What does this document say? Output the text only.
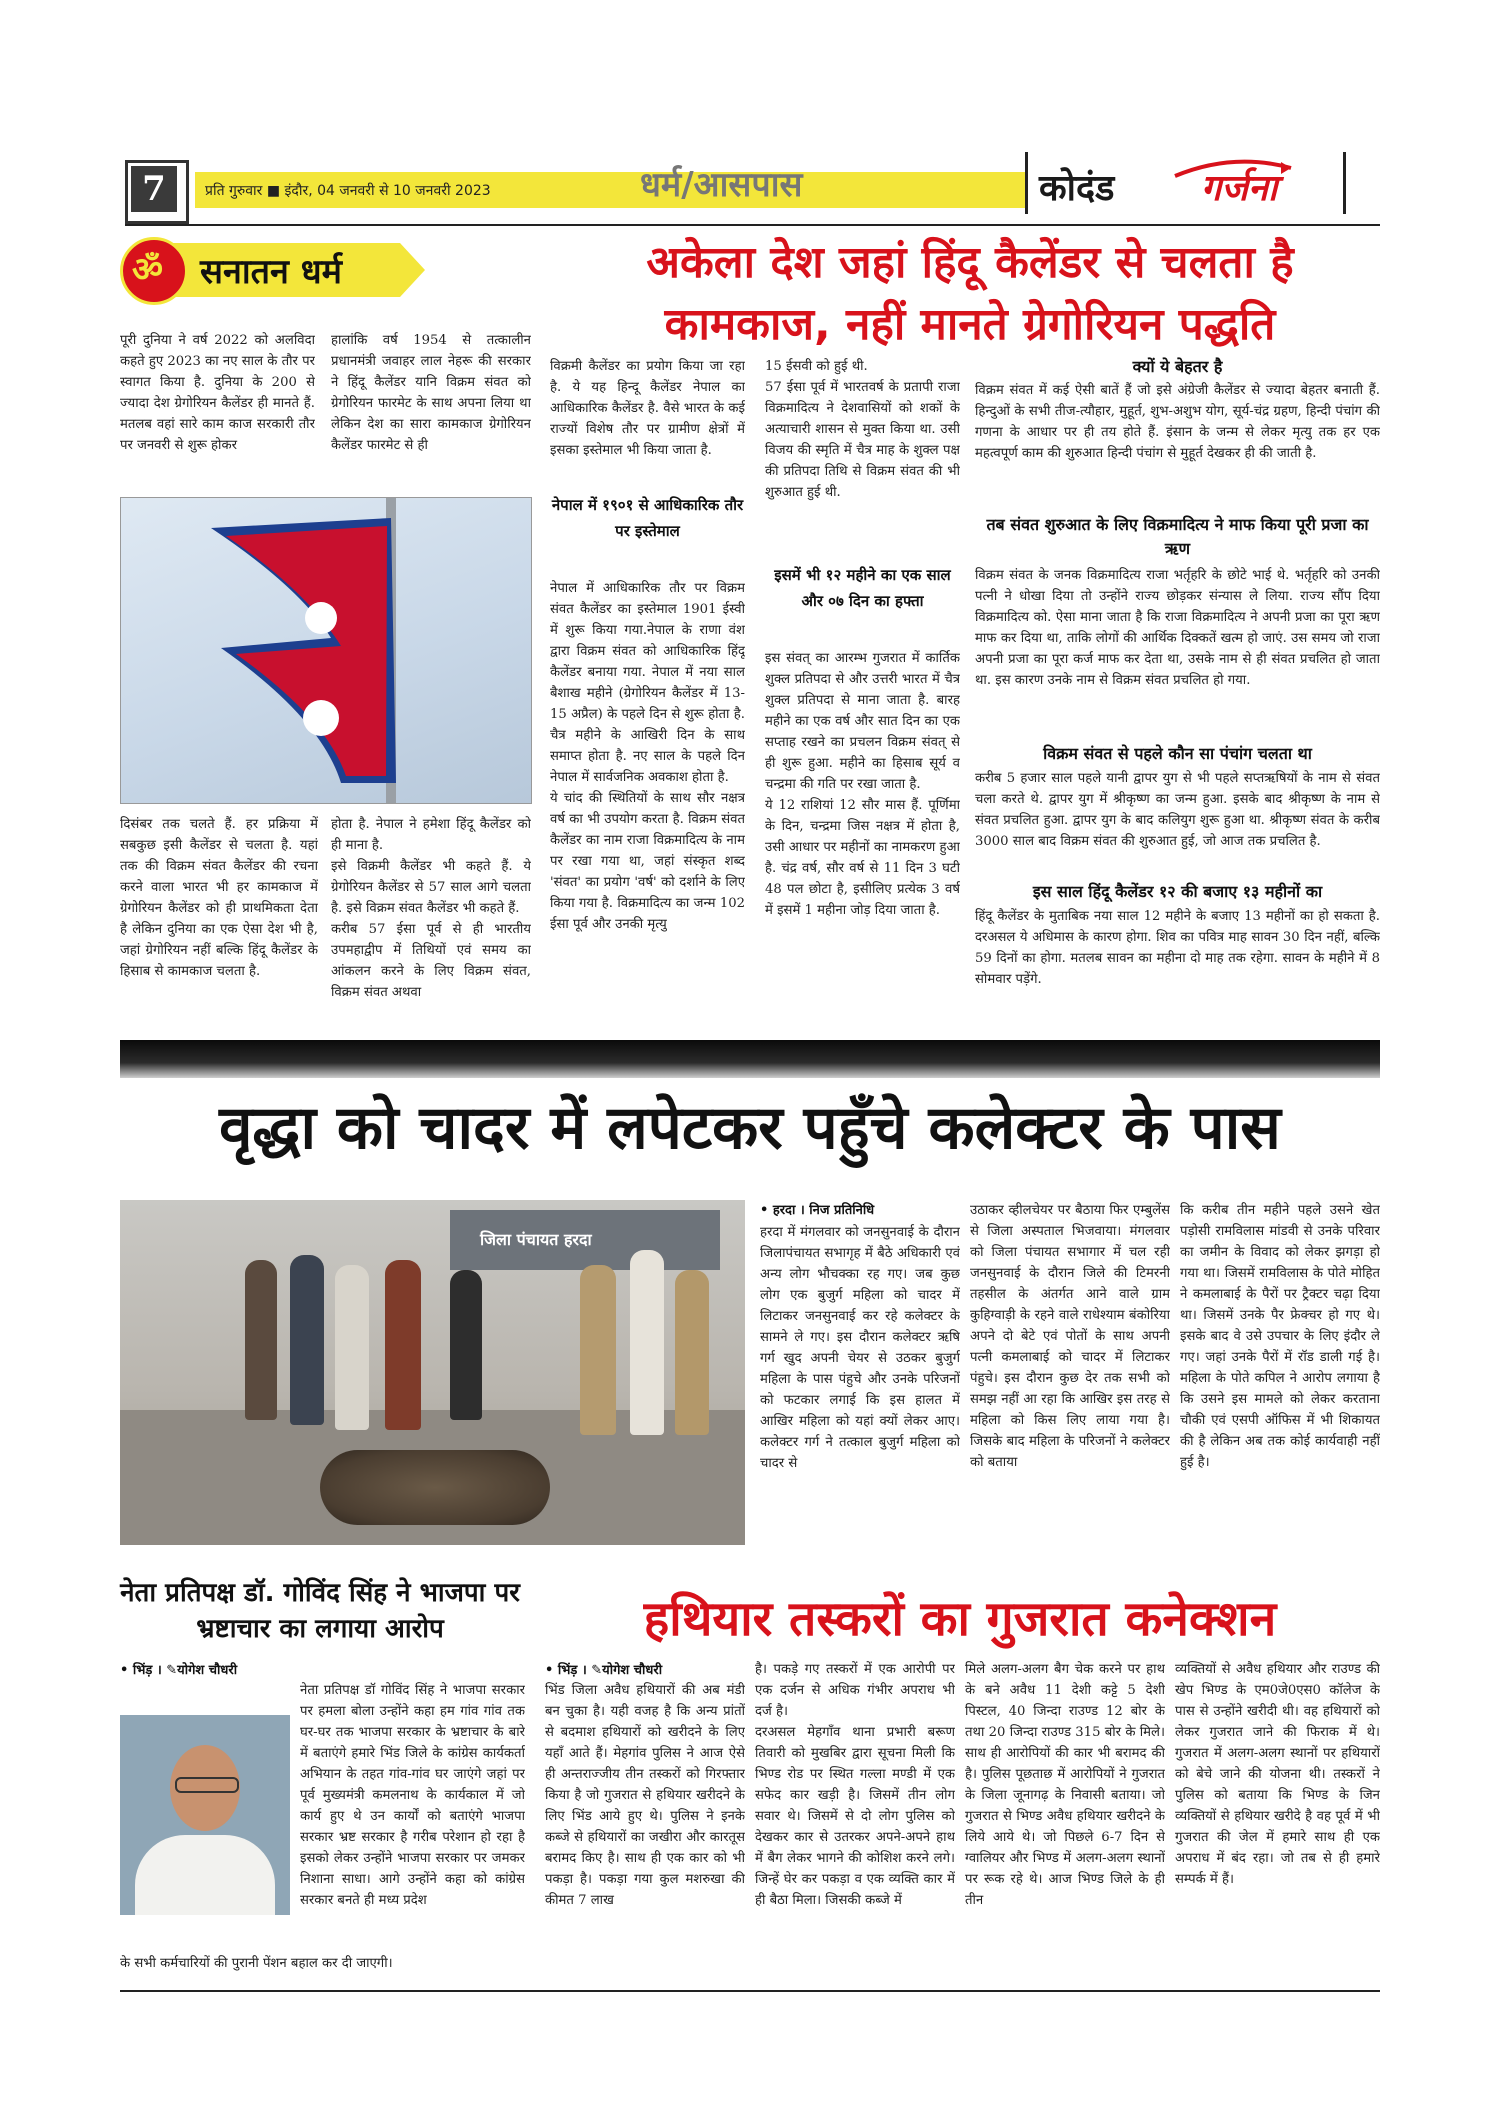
7	प्रति गुरुवार ■ इंदौर, 04 जनवरी से 10 जनवरी 2023	धर्म/आसपास	कोदंड गर्जना
ॐ सनातन धर्म	अकेला देश जहां हिंदू कैलेंडर से चलता है
कामकाज, नहीं मानते ग्रेगोरियन पद्धति
पूरी दुनिया ने वर्ष 2022 को अलविदा कहते हुए 2023 का नए साल के तौर पर स्वागत किया है. दुनिया के 200 से ज्यादा देश ग्रेगोरियन कैलेंडर ही मानते हैं. मतलब वहां सारे काम काज सरकारी तौर पर जनवरी से शुरू होकर
हालांकि वर्ष 1954 से तत्कालीन प्रधानमंत्री जवाहर लाल नेहरू की सरकार ने हिंदू कैलेंडर यानि विक्रम संवत को ग्रेगोरियन फारमेट के साथ अपना लिया था लेकिन देश का सारा कामकाज ग्रेगोरियन कैलेंडर फारमेट से ही
दिसंबर तक चलते हैं. हर प्रक्रिया में सबकुछ इसी कैलेंडर से चलता है. यहां तक की विक्रम संवत कैलेंडर की रचना करने वाला भारत भी हर कामकाज में ग्रेगोरियन कैलेंडर को ही प्राथमिकता देता है लेकिन दुनिया का एक ऐसा देश भी है, जहां ग्रेगोरियन नहीं बल्कि हिंदू कैलेंडर के हिसाब से कामकाज चलता है.
होता है. नेपाल ने हमेशा हिंदू कैलेंडर को ही माना है.
इसे विक्रमी कैलेंडर भी कहते हैं. ये ग्रेगोरियन कैलेंडर से 57 साल आगे चलता है. इसे विक्रम संवत कैलेंडर भी कहते हैं.
करीब 57 ईसा पूर्व से ही भारतीय उपमहाद्वीप में तिथियों एवं समय का आंकलन करने के लिए विक्रम संवत, विक्रम संवत अथवा
विक्रमी कैलेंडर का प्रयोग किया जा रहा है. ये यह हिन्दू कैलेंडर नेपाल का आधिकारिक कैलेंडर है. वैसे भारत के कई राज्यों विशेष तौर पर ग्रामीण क्षेत्रों में इसका इस्तेमाल भी किया जाता है.
नेपाल में १९०१ से आधिकारिक तौर पर इस्तेमाल
नेपाल में आधिकारिक तौर पर विक्रम संवत कैलेंडर का इस्तेमाल 1901 ईस्वी में शुरू किया गया.नेपाल के राणा वंश द्वारा विक्रम संवत को आधिकारिक हिंदू कैलेंडर बनाया गया. नेपाल में नया साल बैशाख महीने (ग्रेगोरियन कैलेंडर में 13-15 अप्रैल) के पहले दिन से शुरू होता है. चैत्र महीने के आखिरी दिन के साथ समाप्त होता है. नए साल के पहले दिन नेपाल में सार्वजनिक अवकाश होता है.
ये चांद की स्थितियों के साथ सौर नक्षत्र वर्ष का भी उपयोग करता है. विक्रम संवत कैलेंडर का नाम राजा विक्रमादित्य के नाम पर रखा गया था, जहां संस्कृत शब्द 'संवत' का प्रयोग 'वर्ष' को दर्शाने के लिए किया गया है. विक्रमादित्य का जन्म 102 ईसा पूर्व और उनकी मृत्यु
15 ईसवी को हुई थी.
57 ईसा पूर्व में भारतवर्ष के प्रतापी राजा विक्रमादित्य ने देशवासियों को शकों के अत्याचारी शासन से मुक्त किया था. उसी विजय की स्मृति में चैत्र माह के शुक्ल पक्ष की प्रतिपदा तिथि से विक्रम संवत की भी शुरुआत हुई थी.
इसमें भी १२ महीने का एक साल और ०७ दिन का हफ्ता
इस संवत् का आरम्भ गुजरात में कार्तिक शुक्ल प्रतिपदा से और उत्तरी भारत में चैत्र शुक्ल प्रतिपदा से माना जाता है. बारह महीने का एक वर्ष और सात दिन का एक सप्ताह रखने का प्रचलन विक्रम संवत् से ही शुरू हुआ. महीने का हिसाब सूर्य व चन्द्रमा की गति पर रखा जाता है.
ये 12 राशियां 12 सौर मास हैं. पूर्णिमा के दिन, चन्द्रमा जिस नक्षत्र में होता है, उसी आधार पर महीनों का नामकरण हुआ है. चंद्र वर्ष, सौर वर्ष से 11 दिन 3 घटी 48 पल छोटा है, इसीलिए प्रत्येक 3 वर्ष में इसमें 1 महीना जोड़ दिया जाता है.
क्यों ये बेहतर है
विक्रम संवत में कई ऐसी बातें हैं जो इसे अंग्रेजी कैलेंडर से ज्यादा बेहतर बनाती हैं. हिन्दुओं के सभी तीज-त्यौहार, मुहूर्त, शुभ-अशुभ योग, सूर्य-चंद्र ग्रहण, हिन्दी पंचांग की गणना के आधार पर ही तय होते हैं. इंसान के जन्म से लेकर मृत्यु तक हर एक महत्वपूर्ण काम की शुरुआत हिन्दी पंचांग से मुहूर्त देखकर ही की जाती है.
तब संवत शुरुआत के लिए विक्रमादित्य ने माफ किया पूरी प्रजा का ऋण
विक्रम संवत के जनक विक्रमादित्य राजा भर्तृहरि के छोटे भाई थे. भर्तृहरि को उनकी पत्नी ने धोखा दिया तो उन्होंने राज्य छोड़कर संन्यास ले लिया. राज्य सौंप दिया विक्रमादित्य को. ऐसा माना जाता है कि राजा विक्रमादित्य ने अपनी प्रजा का पूरा ऋण माफ कर दिया था, ताकि लोगों की आर्थिक दिक्कतें खत्म हो जाएं. उस समय जो राजा अपनी प्रजा का पूरा कर्ज माफ कर देता था, उसके नाम से ही संवत प्रचलित हो जाता था. इस कारण उनके नाम से विक्रम संवत प्रचलित हो गया.
विक्रम संवत से पहले कौन सा पंचांग चलता था
करीब 5 हजार साल पहले यानी द्वापर युग से भी पहले सप्तऋषियों के नाम से संवत चला करते थे. द्वापर युग में श्रीकृष्ण का जन्म हुआ. इसके बाद श्रीकृष्ण के नाम से संवत प्रचलित हुआ. द्वापर युग के बाद कलियुग शुरू हुआ था. श्रीकृष्ण संवत के करीब 3000 साल बाद विक्रम संवत की शुरुआत हुई, जो आज तक प्रचलित है.
इस साल हिंदू कैलेंडर १२ की बजाए १३ महीनों का
हिंदू कैलेंडर के मुताबिक नया साल 12 महीने के बजाए 13 महीनों का हो सकता है. दरअसल ये अधिमास के कारण होगा. शिव का पवित्र माह सावन 30 दिन नहीं, बल्कि 59 दिनों का होगा. मतलब सावन का महीना दो माह तक रहेगा. सावन के महीने में 8 सोमवार पड़ेंगे.
वृद्धा को चादर में लपेटकर पहुँचे कलेक्टर के पास
जिला पंचायत हरदा
• हरदा । निज प्रतिनिधि
हरदा में मंगलवार को जनसुनवाई के दौरान जिलापंचायत सभागृह में बैठे अधिकारी एवं अन्य लोग भौचक्का रह गए। जब कुछ लोग एक बुजुर्ग महिला को चादर में लिटाकर जनसुनवाई कर रहे कलेक्टर के सामने ले गए। इस दौरान कलेक्टर ऋषि गर्ग खुद अपनी चेयर से उठकर बुजुर्ग महिला के पास पंहुचे और उनके परिजनों को फटकार लगाई कि इस हालत में आखिर महिला को यहां क्यों लेकर आए। कलेक्टर गर्ग ने तत्काल बुजुर्ग महिला को चादर से
उठाकर व्हीलचेयर पर बैठाया फिर एम्बुलेंस से जिला अस्पताल भिजवाया। मंगलवार को जिला पंचायत सभागार में चल रही जनसुनवाई के दौरान जिले की टिमरनी तहसील के अंतर्गत आने वाले ग्राम कुहिग्वाड़ी के रहने वाले राधेश्याम बंकोरिया अपने दो बेटे एवं पोतों के साथ अपनी पत्नी कमलाबाई को चादर में लिटाकर पंहुचे। इस दौरान कुछ देर तक सभी को समझ नहीं आ रहा कि आखिर इस तरह से महिला को किस लिए लाया गया है। जिसके बाद महिला के परिजनों ने कलेक्टर को बताया
कि करीब तीन महीने पहले उसने खेत पड़ोसी रामविलास मांडवी से उनके परिवार का जमीन के विवाद को लेकर झगड़ा हो गया था। जिसमें रामविलास के पोते मोहित ने कमलाबाई के पैरों पर ट्रैक्टर चढ़ा दिया था। जिसमें उनके पैर फ्रेक्चर हो गए थे। इसके बाद वे उसे उपचार के लिए इंदौर ले गए। जहां उनके पैरों में रॉड डाली गई है। महिला के पोते कपिल ने आरोप लगाया है कि उसने इस मामले को लेकर करताना चौकी एवं एसपी ऑफिस में भी शिकायत की है लेकिन अब तक कोई कार्यवाही नहीं हुई है।
नेता प्रतिपक्ष डॉ. गोविंद सिंह ने भाजपा पर भ्रष्टाचार का लगाया आरोप
• भिंड़ । ✎योगेश चौधरी
नेता प्रतिपक्ष डॉ गोविंद सिंह ने भाजपा सरकार पर हमला बोला उन्होंने कहा हम गांव गांव तक घर-घर तक भाजपा सरकार के भ्रष्टाचार के बारे में बताएंगे हमारे भिंड जिले के कांग्रेस कार्यकर्ता अभियान के तहत गांव-गांव घर जाएंगे जहां पर पूर्व मुख्यमंत्री कमलनाथ के कार्यकाल में जो कार्य हुए थे उन कार्यों को बताएंगे भाजपा सरकार भ्रष्ट सरकार है गरीब परेशान हो रहा है इसको लेकर उन्होंने भाजपा सरकार पर जमकर निशाना साधा। आगे उन्होंने कहा को कांग्रेस सरकार बनते ही मध्य प्रदेश
के सभी कर्मचारियों की पुरानी पेंशन बहाल कर दी जाएगी।
हथियार तस्करों का गुजरात कनेक्शन
• भिंड़ । ✎योगेश चौधरी
भिंड जिला अवैध हथियारों की अब मंडी बन चुका है। यही वजह है कि अन्य प्रांतों से बदमाश हथियारों को खरीदने के लिए यहाँ आते हैं। मेहगांव पुलिस ने आज ऐसे ही अन्तराज्जीय तीन तस्करों को गिरफ्तार किया है जो गुजरात से हथियार खरीदने के लिए भिंड आये हुए थे। पुलिस ने इनके कब्जे से हथियारों का जखीरा और कारतूस बरामद किए है। साथ ही एक कार को भी पकड़ा है। पकड़ा गया कुल मशरुखा की कीमत 7 लाख
है। पकड़े गए तस्करों में एक आरोपी पर एक दर्जन से अधिक गंभीर अपराध भी दर्ज है।
दरअसल मेहगाँव थाना प्रभारी बरूण तिवारी को मुखबिर द्वारा सूचना मिली कि भिण्ड रोड पर स्थित गल्ला मण्डी में एक सफेद कार खड़ी है। जिसमें तीन लोग सवार थे। जिसमें से दो लोग पुलिस को देखकर कार से उतरकर अपने-अपने हाथ में बैग लेकर भागने की कोशिश करने लगे। जिन्हें घेर कर पकड़ा व एक व्यक्ति कार में ही बैठा मिला। जिसकी कब्जे में
मिले अलग-अलग बैग चेक करने पर हाथ के बने अवैध 11 देशी कट्टे 5 देशी पिस्टल, 40 जिन्दा राउण्ड 12 बोर के तथा 20 जिन्दा राउण्ड 315 बोर के मिले। साथ ही आरोपियों की कार भी बरामद की है। पुलिस पूछताछ में आरोपियों ने गुजरात के जिला जूनागढ़ के निवासी बताया। जो गुजरात से भिण्ड अवैध हथियार खरीदने के लिये आये थे। जो पिछले 6-7 दिन से ग्वालियर और भिण्ड में अलग-अलग स्थानों पर रूक रहे थे। आज भिण्ड जिले के ही तीन
व्यक्तियों से अवैध हथियार और राउण्ड की खेप भिण्ड के एम0जे0एस0 कॉलेज के पास से उन्होंने खरीदी थी। वह हथियारों को लेकर गुजरात जाने की फिराक में थे। गुजरात में अलग-अलग स्थानों पर हथियारों को बेचे जाने की योजना थी। तस्करों ने पुलिस को बताया कि भिण्ड के जिन व्यक्तियों से हथियार खरीदे है वह पूर्व में भी गुजरात की जेल में हमारे साथ ही एक अपराध में बंद रहा। जो तब से ही हमारे सम्पर्क में हैं।
